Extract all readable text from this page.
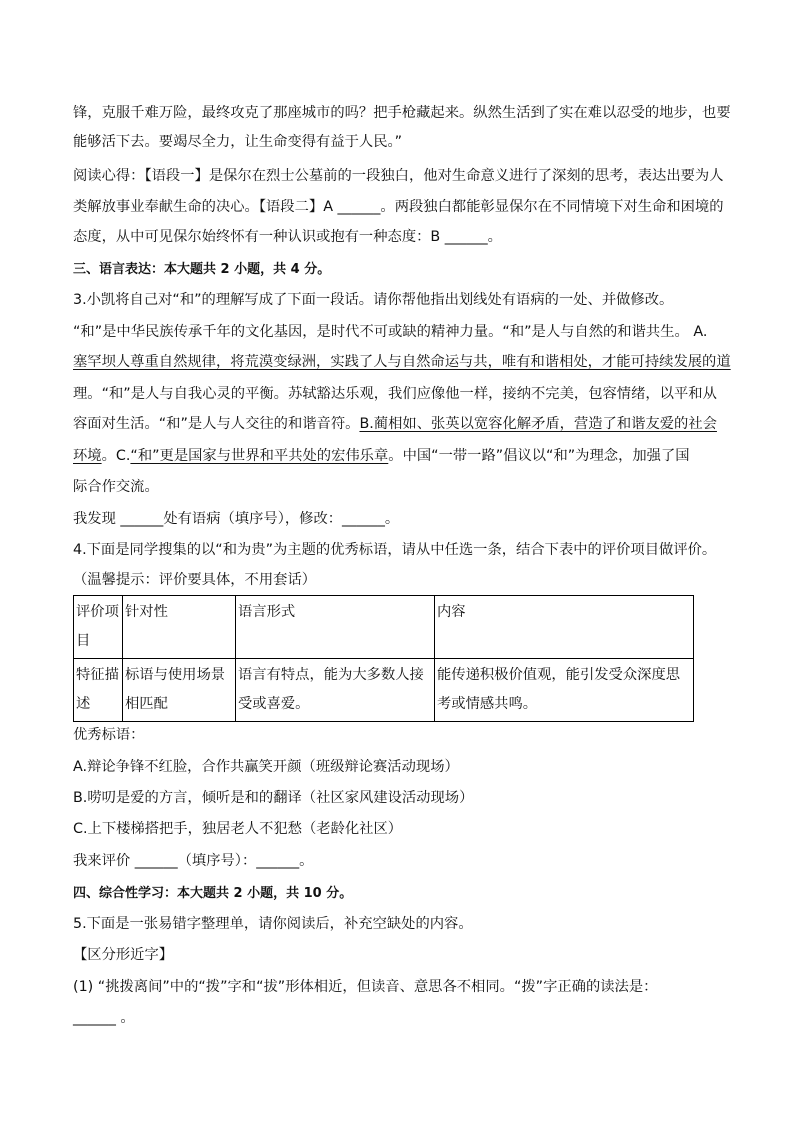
锋，克服千难万险，最终攻克了那座城市的吗？把手枪藏起来。纵然生活到了实在难以忍受的地步，也要
能够活下去。要竭尽全力，让生命变得有益于人民。”
阅读心得：【语段一】是保尔在烈士公墓前的一段独白，他对生命意义进行了深刻的思考，表达出要为人
类解放事业奉献生命的决心。【语段二】A ______。两段独白都能彰显保尔在不同情境下对生命和困境的
态度，从中可见保尔始终怀有一种认识或抱有一种态度：B ______。
三、语言表达：本大题共 2 小题，共 4 分。
3.小凯将自己对“和”的理解写成了下面一段话。请你帮他指出划线处有语病的一处、并做修改。
“和”是中华民族传承千年的文化基因，是时代不可或缺的精神力量。“和”是人与自然的和谐共生。 A.
塞罕坝人尊重自然规律，将荒漠变绿洲，实践了人与自然命运与共，唯有和谐相处，才能可持续发展的道
理。“和”是人与自我心灵的平衡。苏轼豁达乐观，我们应像他一样，接纳不完美，包容情绪，以平和从
容面对生活。“和”是人与人交往的和谐音符。B.蔺相如、张英以宽容化解矛盾，营造了和谐友爱的社会
环境。C.“和”更是国家与世界和平共处的宏伟乐章。中国“一带一路”倡议以“和”为理念，加强了国
际合作交流。
我发现 ______处有语病（填序号），修改：______。
4.下面是同学搜集的以“和为贵”为主题的优秀标语，请从中任选一条，结合下表中的评价项目做评价。
（温馨提示：评价要具体，不用套话）
评价项目	针对性	语言形式	内容
特征描述	标语与使用场景相匹配	语言有特点，能为大多数人接受或喜爱。	能传递积极价值观，能引发受众深度思考或情感共鸣。
优秀标语：
A.辩论争锋不红脸，合作共赢笑开颜（班级辩论赛活动现场）
B.唠叨是爱的方言，倾听是和的翻译（社区家风建设活动现场）
C.上下楼梯搭把手，独居老人不犯愁（老龄化社区）
我来评价 ______（填序号）：______。
四、综合性学习：本大题共 2 小题，共 10 分。
5.下面是一张易错字整理单，请你阅读后，补充空缺处的内容。
【区分形近字】
(1) “挑拨离间”中的“拨”字和“拔”形体相近，但读音、意思各不相同。“拨”字正确的读法是：
______ 。
